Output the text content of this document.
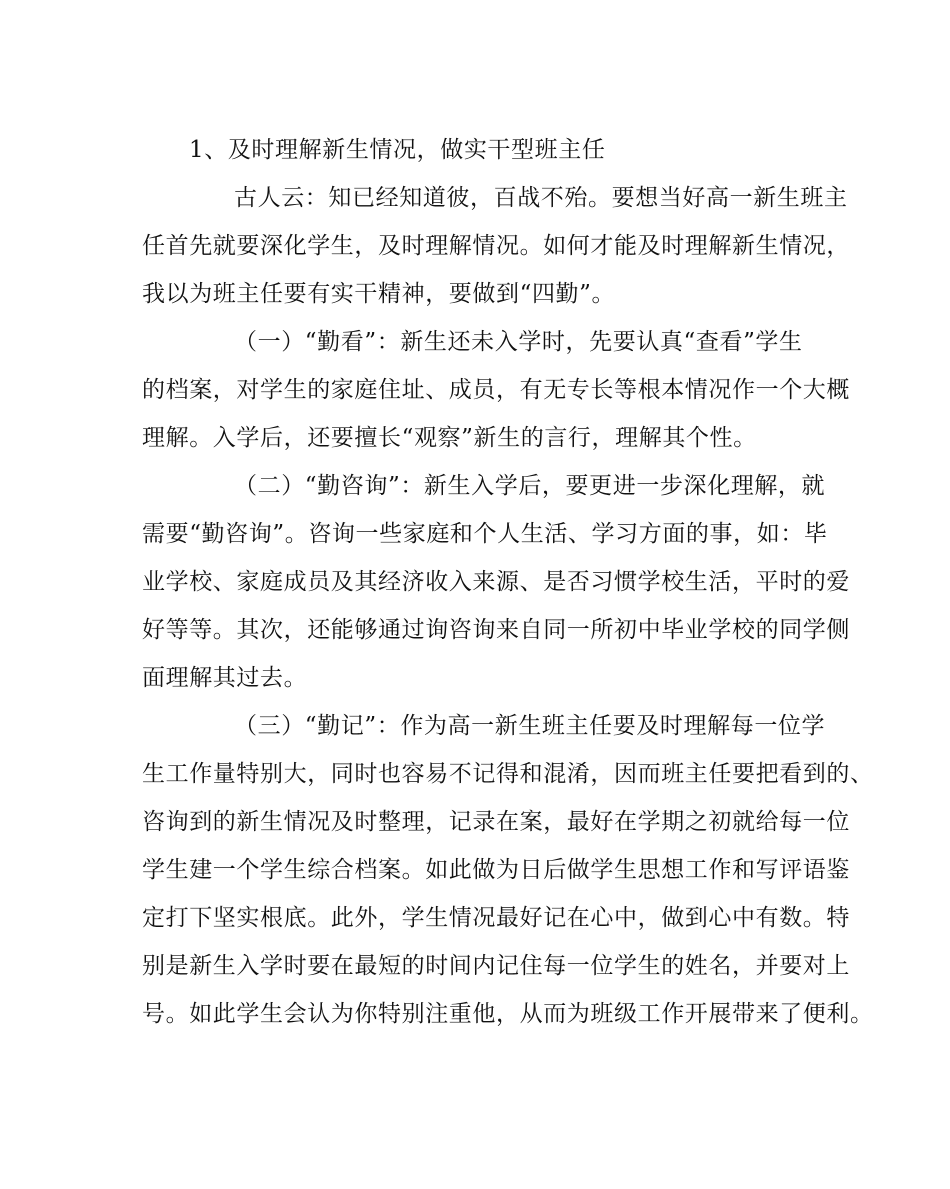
1、及时理解新生情况，做实干型班主任
古人云：知已经知道彼，百战不殆。要想当好高一新生班主
任首先就要深化学生，及时理解情况。如何才能及时理解新生情况，
我以为班主任要有实干精神，要做到“四勤”。
（一）“勤看”：新生还未入学时，先要认真“查看”学生
的档案，对学生的家庭住址、成员，有无专长等根本情况作一个大概
理解。入学后，还要擅长“观察”新生的言行，理解其个性。
（二）“勤咨询”：新生入学后，要更进一步深化理解，就
需要“勤咨询”。咨询一些家庭和个人生活、学习方面的事，如：毕
业学校、家庭成员及其经济收入来源、是否习惯学校生活，平时的爱
好等等。其次，还能够通过询咨询来自同一所初中毕业学校的同学侧
面理解其过去。
（三）“勤记”：作为高一新生班主任要及时理解每一位学
生工作量特别大，同时也容易不记得和混淆，因而班主任要把看到的、
咨询到的新生情况及时整理，记录在案，最好在学期之初就给每一位
学生建一个学生综合档案。如此做为日后做学生思想工作和写评语鉴
定打下坚实根底。此外，学生情况最好记在心中，做到心中有数。特
别是新生入学时要在最短的时间内记住每一位学生的姓名，并要对上
号。如此学生会认为你特别注重他，从而为班级工作开展带来了便利。
